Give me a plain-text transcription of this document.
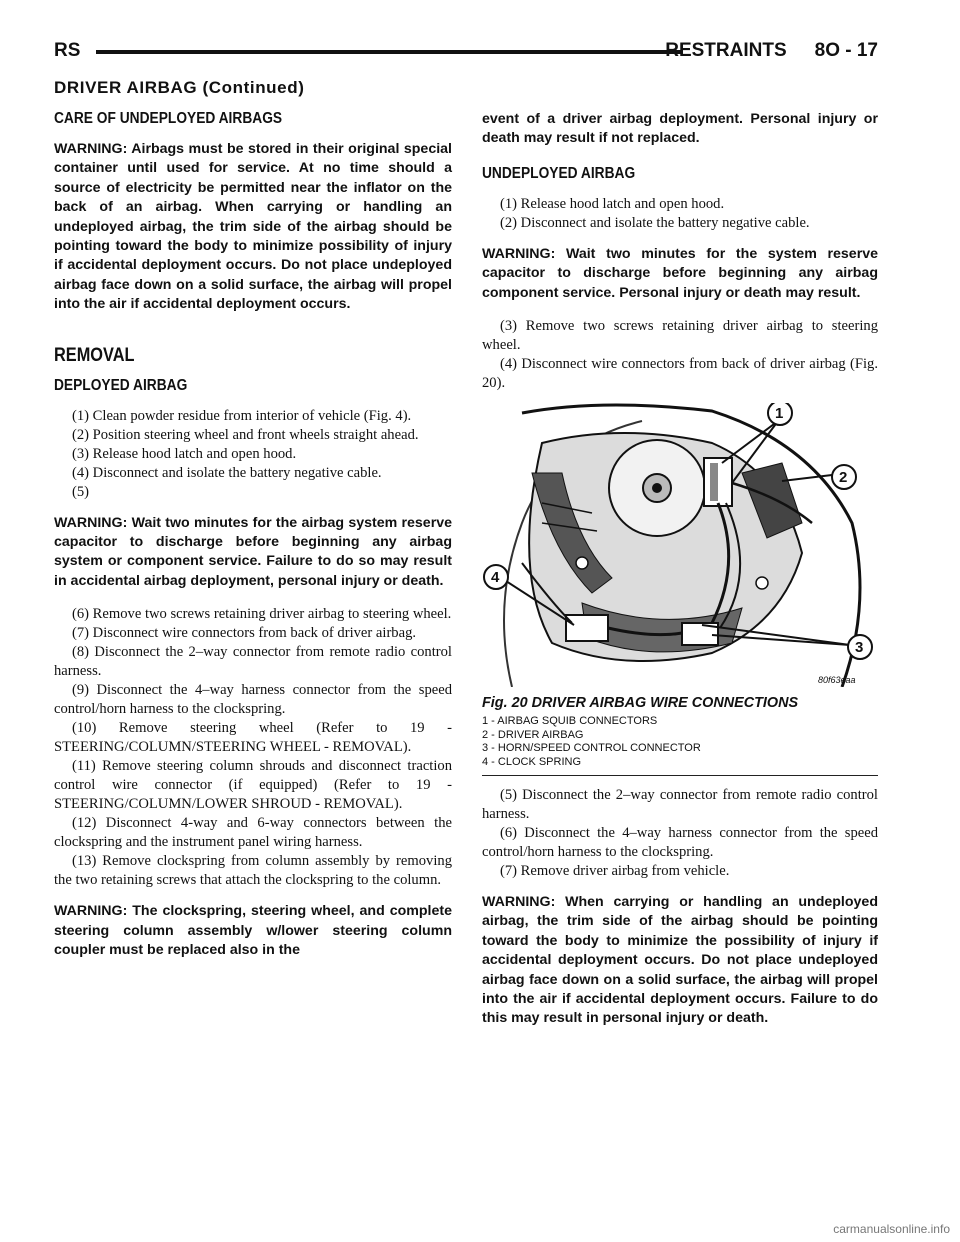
RS	RESTRAINTS 8O - 17
DRIVER AIRBAG (Continued)
CARE OF UNDEPLOYED AIRBAGS

WARNING: Airbags must be stored in their original special container until used for service. At no time should a source of electricity be permitted near the inflator on the back of an airbag. When carrying or handling an undeployed airbag, the trim side of the airbag should be pointing toward the body to minimize possibility of injury if accidental deployment occurs. Do not place undeployed airbag face down on a solid surface, the airbag will propel into the air if accidental deployment occurs.

REMOVAL
DEPLOYED AIRBAG

(1) Clean powder residue from interior of vehicle (Fig. 4).

(2) Position steering wheel and front wheels straight ahead.

(3) Release hood latch and open hood.

(4) Disconnect and isolate the battery negative cable.

(5)

WARNING: Wait two minutes for the airbag system reserve capacitor to discharge before beginning any airbag system or component service. Failure to do so may result in accidental airbag deployment, personal injury or death.

(6) Remove two screws retaining driver airbag to steering wheel.

(7) Disconnect wire connectors from back of driver airbag.

(8) Disconnect the 2–way connector from remote radio control harness.

(9) Disconnect the 4–way harness connector from the speed control/horn harness to the clockspring.

(10) Remove steering wheel (Refer to 19 - STEERING/COLUMN/STEERING WHEEL - REMOVAL).

(11) Remove steering column shrouds and disconnect traction control wire connector (if equipped) (Refer to 19 - STEERING/COLUMN/LOWER SHROUD - REMOVAL).

(12) Disconnect 4-way and 6-way connectors between the clockspring and the instrument panel wiring harness.

(13) Remove clockspring from column assembly by removing the two retaining screws that attach the clockspring to the column.

WARNING: The clockspring, steering wheel, and complete steering column assembly w/lower steering column coupler must be replaced also in the

event of a driver airbag deployment. Personal injury or death may result if not replaced.

UNDEPLOYED AIRBAG

(1) Release hood latch and open hood.

(2) Disconnect and isolate the battery negative cable.

WARNING: Wait two minutes for the system reserve capacitor to discharge before beginning any airbag component service. Personal injury or death may result.

(3) Remove two screws retaining driver airbag to steering wheel.

(4) Disconnect wire connectors from back of driver airbag (Fig. 20).

1
2
3
4
80f63eaa
Fig. 20 DRIVER AIRBAG WIRE CONNECTIONS
1 - AIRBAG SQUIB CONNECTORS
2 - DRIVER AIRBAG
3 - HORN/SPEED CONTROL CONNECTOR
4 - CLOCK SPRING

(5) Disconnect the 2–way connector from remote radio control harness.

(6) Disconnect the 4–way harness connector from the speed control/horn harness to the clockspring.

(7) Remove driver airbag from vehicle.

WARNING: When carrying or handling an undeployed airbag, the trim side of the airbag should be pointing toward the body to minimize the possibility of injury if accidental deployment occurs. Do not place undeployed airbag face down on a solid surface, the airbag will propel into the air if accidental deployment occurs. Failure to do this may result in personal injury or death.

carmanualsonline.info
